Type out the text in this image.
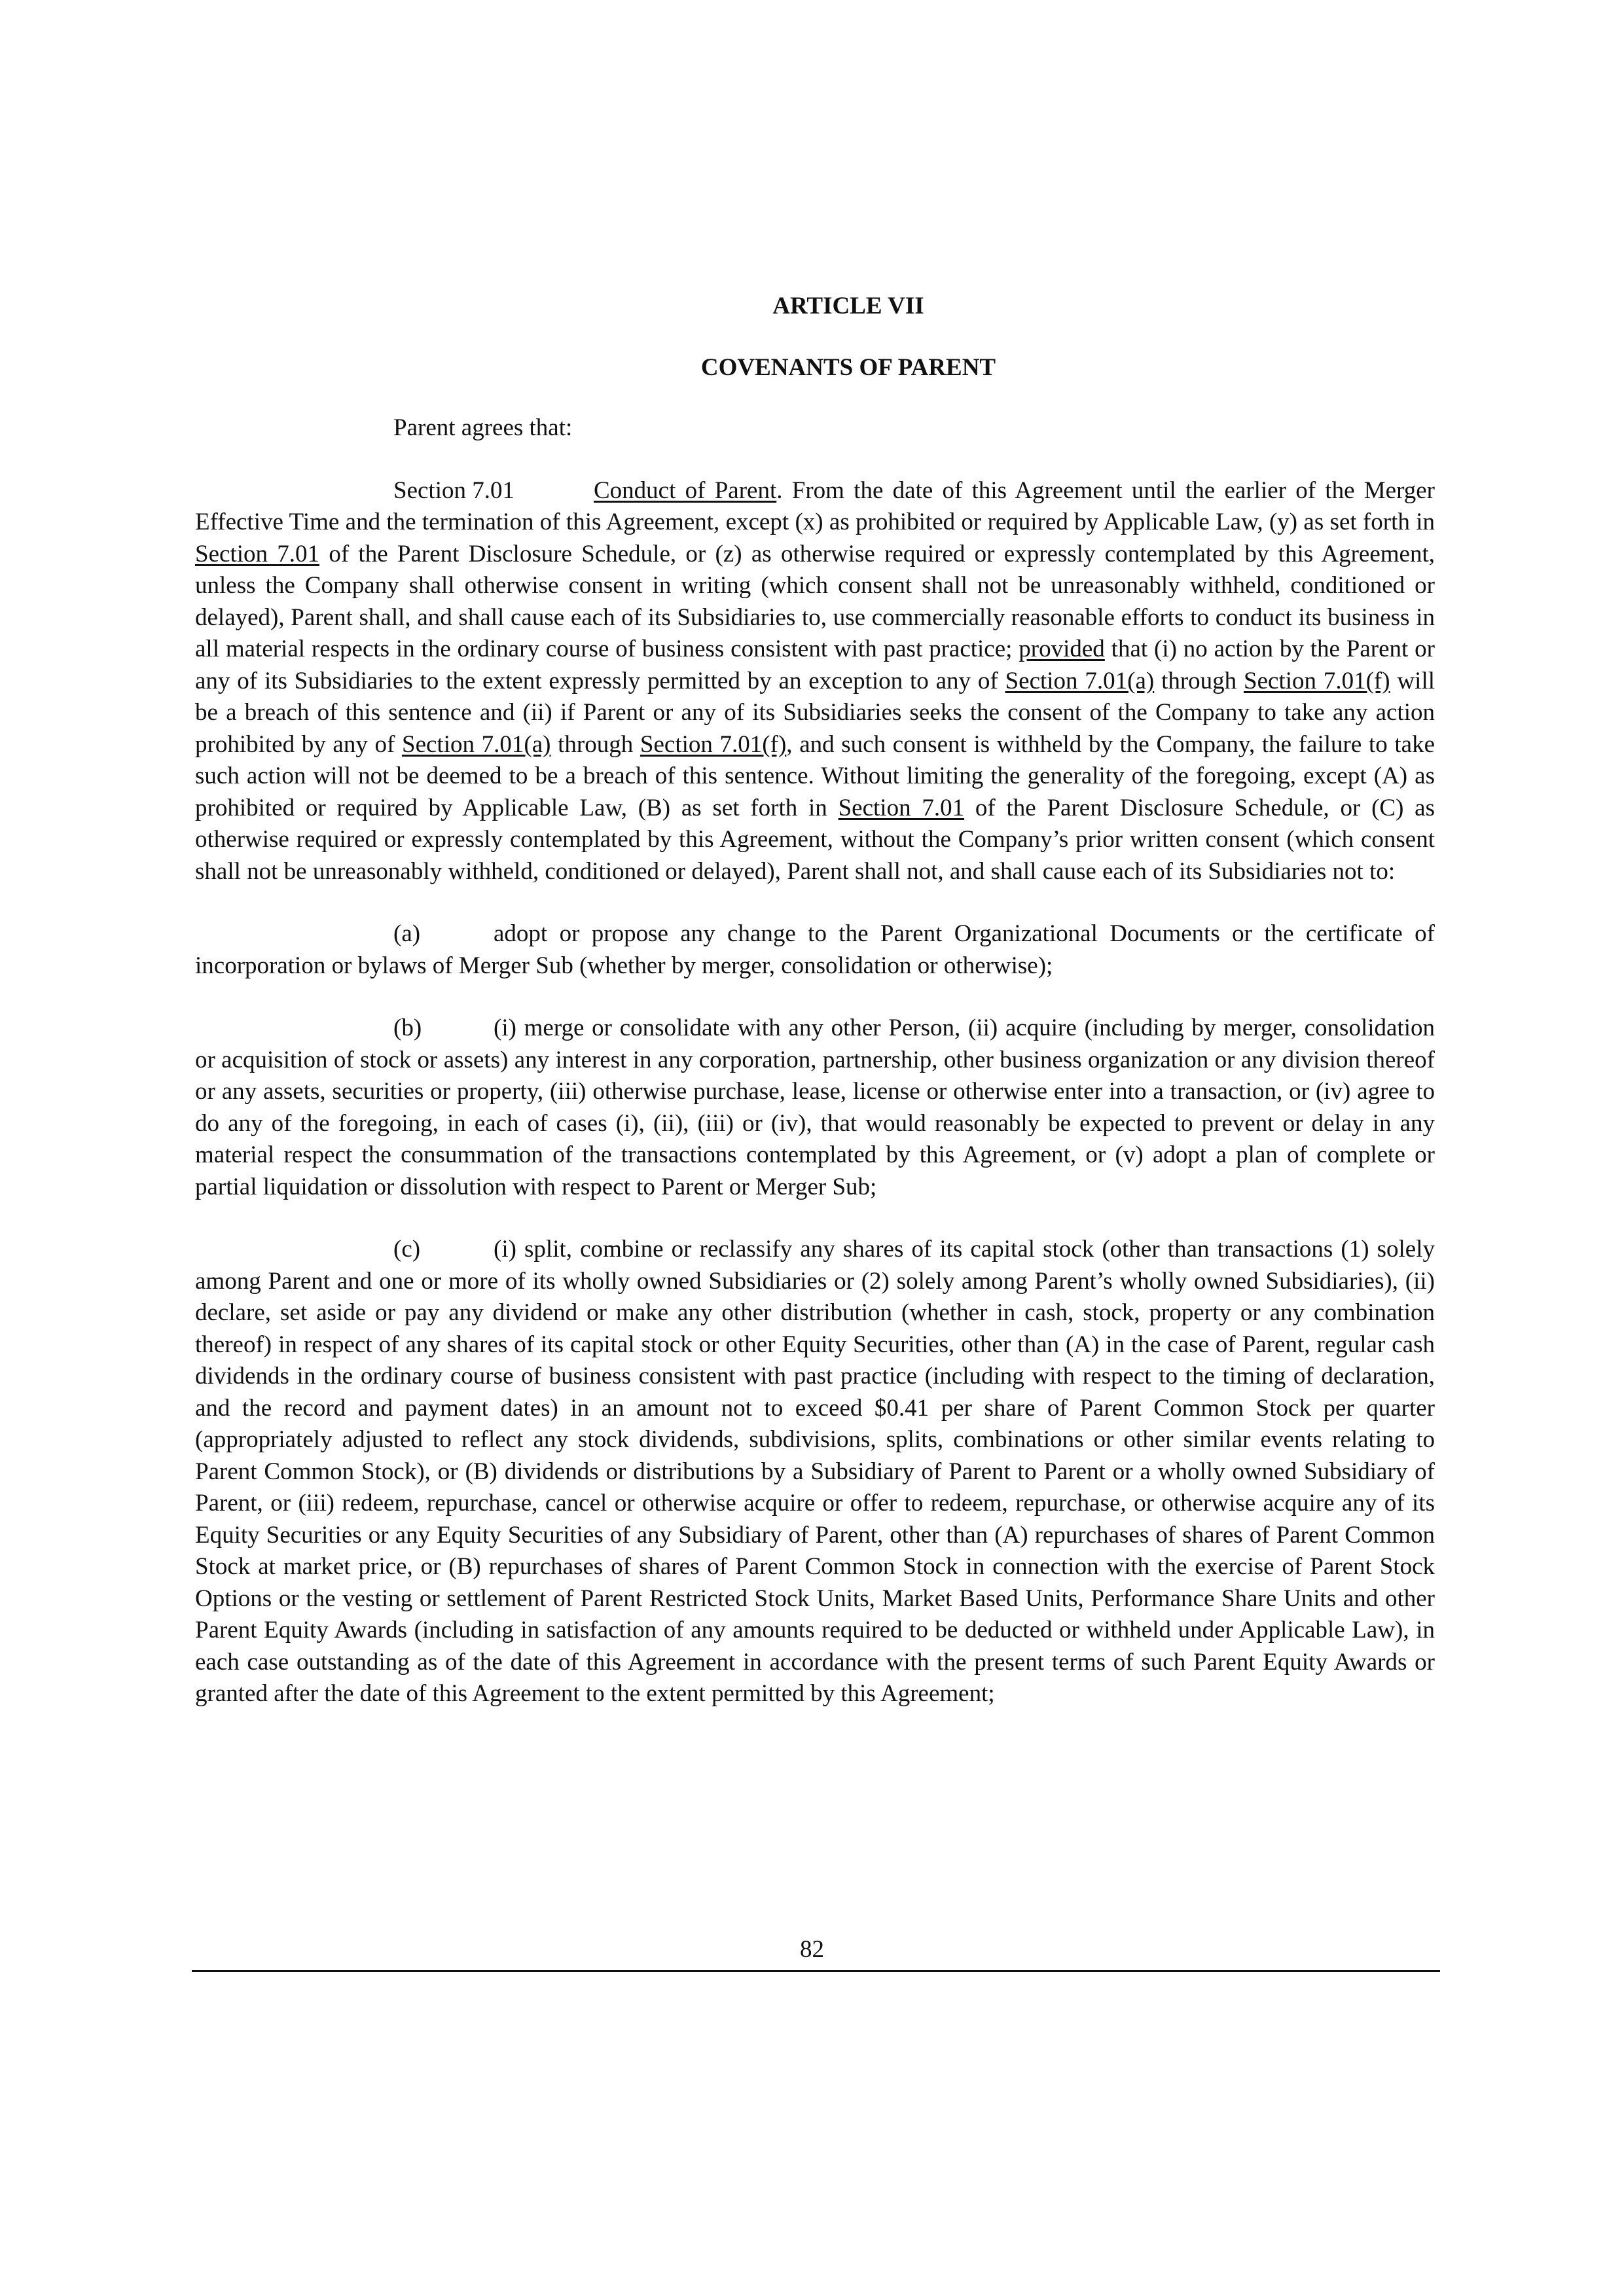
ARTICLE VII
COVENANTS OF PARENT

Parent agrees that:

Section 7.01	Conduct of Parent. From the date of this Agreement until the earlier of the Merger Effective Time and the termination of this Agreement, except (x) as prohibited or required by Applicable Law, (y) as set forth in Section 7.01 of the Parent Disclosure Schedule, or (z) as otherwise required or expressly contemplated by this Agreement, unless the Company shall otherwise consent in writing (which consent shall not be unreasonably withheld, conditioned or delayed), Parent shall, and shall cause each of its Subsidiaries to, use commercially reasonable efforts to conduct its business in all material respects in the ordinary course of business consistent with past practice; provided that (i) no action by the Parent or any of its Subsidiaries to the extent expressly permitted by an exception to any of Section 7.01(a) through Section 7.01(f) will be a breach of this sentence and (ii) if Parent or any of its Subsidiaries seeks the consent of the Company to take any action prohibited by any of Section 7.01(a) through Section 7.01(f), and such consent is withheld by the Company, the failure to take such action will not be deemed to be a breach of this sentence. Without limiting the generality of the foregoing, except (A) as prohibited or required by Applicable Law, (B) as set forth in Section 7.01 of the Parent Disclosure Schedule, or (C) as otherwise required or expressly contemplated by this Agreement, without the Company’s prior written consent (which consent shall not be unreasonably withheld, conditioned or delayed), Parent shall not, and shall cause each of its Subsidiaries not to:

(a)	adopt or propose any change to the Parent Organizational Documents or the certificate of incorporation or bylaws of Merger Sub (whether by merger, consolidation or otherwise);

(b)	(i) merge or consolidate with any other Person, (ii) acquire (including by merger, consolidation or acquisition of stock or assets) any interest in any corporation, partnership, other business organization or any division thereof or any assets, securities or property, (iii) otherwise purchase, lease, license or otherwise enter into a transaction, or (iv) agree to do any of the foregoing, in each of cases (i), (ii), (iii) or (iv), that would reasonably be expected to prevent or delay in any material respect the consummation of the transactions contemplated by this Agreement, or (v) adopt a plan of complete or partial liquidation or dissolution with respect to Parent or Merger Sub;

(c)	(i) split, combine or reclassify any shares of its capital stock (other than transactions (1) solely among Parent and one or more of its wholly owned Subsidiaries or (2) solely among Parent’s wholly owned Subsidiaries), (ii) declare, set aside or pay any dividend or make any other distribution (whether in cash, stock, property or any combination thereof) in respect of any shares of its capital stock or other Equity Securities, other than (A) in the case of Parent, regular cash dividends in the ordinary course of business consistent with past practice (including with respect to the timing of declaration, and the record and payment dates) in an amount not to exceed $0.41 per share of Parent Common Stock per quarter (appropriately adjusted to reflect any stock dividends, subdivisions, splits, combinations or other similar events relating to Parent Common Stock), or (B) dividends or distributions by a Subsidiary of Parent to Parent or a wholly owned Subsidiary of Parent, or (iii) redeem, repurchase, cancel or otherwise acquire or offer to redeem, repurchase, or otherwise acquire any of its Equity Securities or any Equity Securities of any Subsidiary of Parent, other than (A) repurchases of shares of Parent Common Stock at market price, or (B) repurchases of shares of Parent Common Stock in connection with the exercise of Parent Stock Options or the vesting or settlement of Parent Restricted Stock Units, Market Based Units, Performance Share Units and other Parent Equity Awards (including in satisfaction of any amounts required to be deducted or withheld under Applicable Law), in each case outstanding as of the date of this Agreement in accordance with the present terms of such Parent Equity Awards or granted after the date of this Agreement to the extent permitted by this Agreement;

82
